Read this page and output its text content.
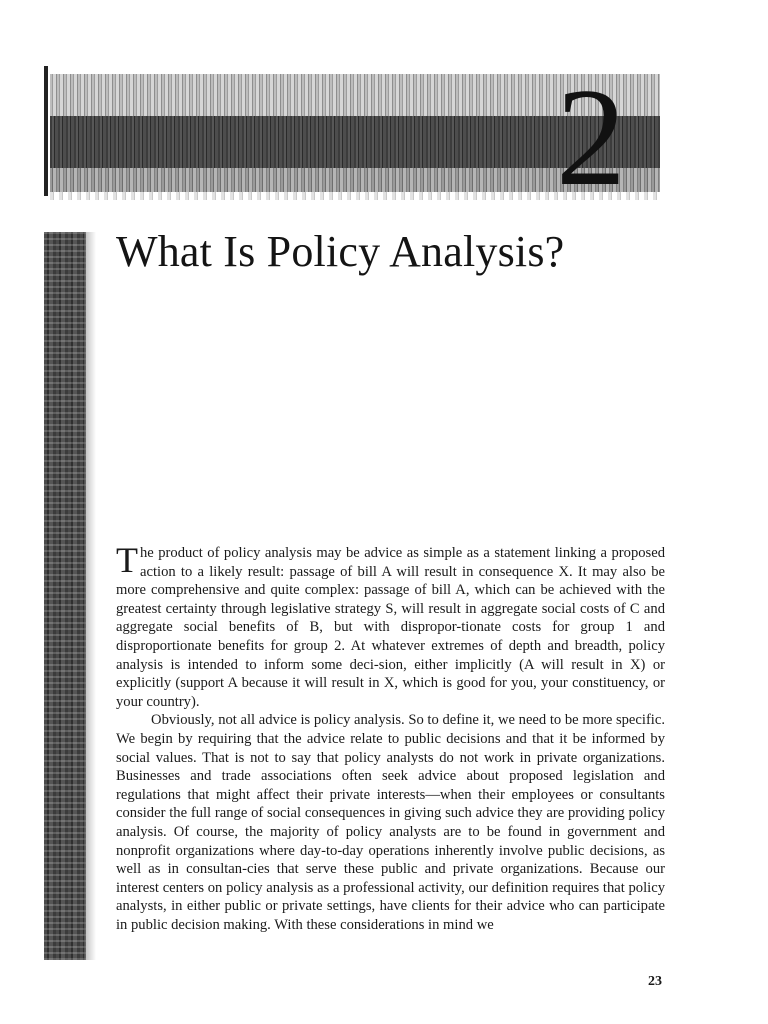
2
What Is Policy Analysis?

The product of policy analysis may be advice as simple as a statement linking a proposed action to a likely result: passage of bill A will result in consequence X. It may also be more comprehensive and quite complex: passage of bill A, which can be achieved with the greatest certainty through legislative strategy S, will result in aggregate social costs of C and aggregate social benefits of B, but with dispropor-tionate costs for group 1 and disproportionate benefits for group 2. At whatever extremes of depth and breadth, policy analysis is intended to inform some deci-sion, either implicitly (A will result in X) or explicitly (support A because it will result in X, which is good for you, your constituency, or your country).

Obviously, not all advice is policy analysis. So to define it, we need to be more specific. We begin by requiring that the advice relate to public decisions and that it be informed by social values. That is not to say that policy analysts do not work in private organizations. Businesses and trade associations often seek advice about proposed legislation and regulations that might affect their private interests—when their employees or consultants consider the full range of social consequences in giving such advice they are providing policy analysis. Of course, the majority of policy analysts are to be found in government and nonprofit organizations where day-to-day operations inherently involve public decisions, as well as in consultan-cies that serve these public and private organizations. Because our interest centers on policy analysis as a professional activity, our definition requires that policy analysts, in either public or private settings, have clients for their advice who can participate in public decision making. With these considerations in mind we

23
